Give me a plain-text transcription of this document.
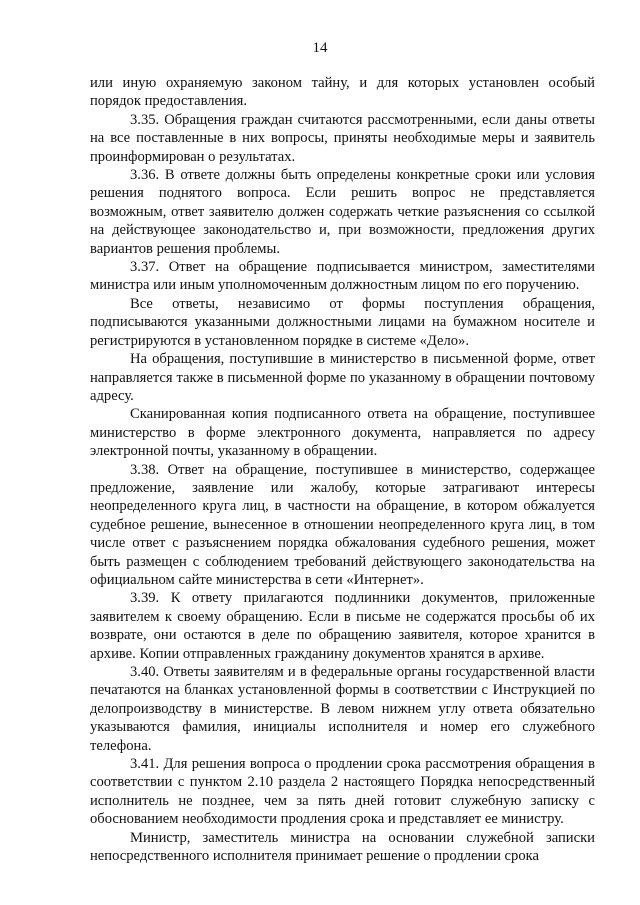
14

или иную охраняемую законом тайну, и для которых установлен особый порядок предоставления.

3.35. Обращения граждан считаются рассмотренными, если даны ответы на все поставленные в них вопросы, приняты необходимые меры и заявитель проинформирован о результатах.

3.36. В ответе должны быть определены конкретные сроки или условия решения поднятого вопроса. Если решить вопрос не представляется возможным, ответ заявителю должен содержать четкие разъяснения со ссылкой на действующее законодательство и, при возможности, предложения других вариантов решения проблемы.

3.37. Ответ на обращение подписывается министром, заместителями министра или иным уполномоченным должностным лицом по его поручению.

Все ответы, независимо от формы поступления обращения, подписываются указанными должностными лицами на бумажном носителе и регистрируются в установленном порядке в системе «Дело».

На обращения, поступившие в министерство в письменной форме, ответ направляется также в письменной форме по указанному в обращении почтовому адресу.

Сканированная копия подписанного ответа на обращение, поступившее министерство в форме электронного документа, направляется по адресу электронной почты, указанному в обращении.

3.38. Ответ на обращение, поступившее в министерство, содержащее предложение, заявление или жалобу, которые затрагивают интересы неопределенного круга лиц, в частности на обращение, в котором обжалуется судебное решение, вынесенное в отношении неопределенного круга лиц, в том числе ответ с разъяснением порядка обжалования судебного решения, может быть размещен с соблюдением требований действующего законодательства на официальном сайте министерства в сети «Интернет».

3.39. К ответу прилагаются подлинники документов, приложенные заявителем к своему обращению. Если в письме не содержатся просьбы об их возврате, они остаются в деле по обращению заявителя, которое хранится в архиве. Копии отправленных гражданину документов хранятся в архиве.

3.40. Ответы заявителям и в федеральные органы государственной власти печатаются на бланках установленной формы в соответствии с Инструкцией по делопроизводству в министерстве. В левом нижнем углу ответа обязательно указываются фамилия, инициалы исполнителя и номер его служебного телефона.

3.41. Для решения вопроса о продлении срока рассмотрения обращения в соответствии с пунктом 2.10 раздела 2 настоящего Порядка непосредственный исполнитель не позднее, чем за пять дней готовит служебную записку с обоснованием необходимости продления срока и представляет ее министру.

Министр, заместитель министра на основании служебной записки непосредственного исполнителя принимает решение о продлении срока
